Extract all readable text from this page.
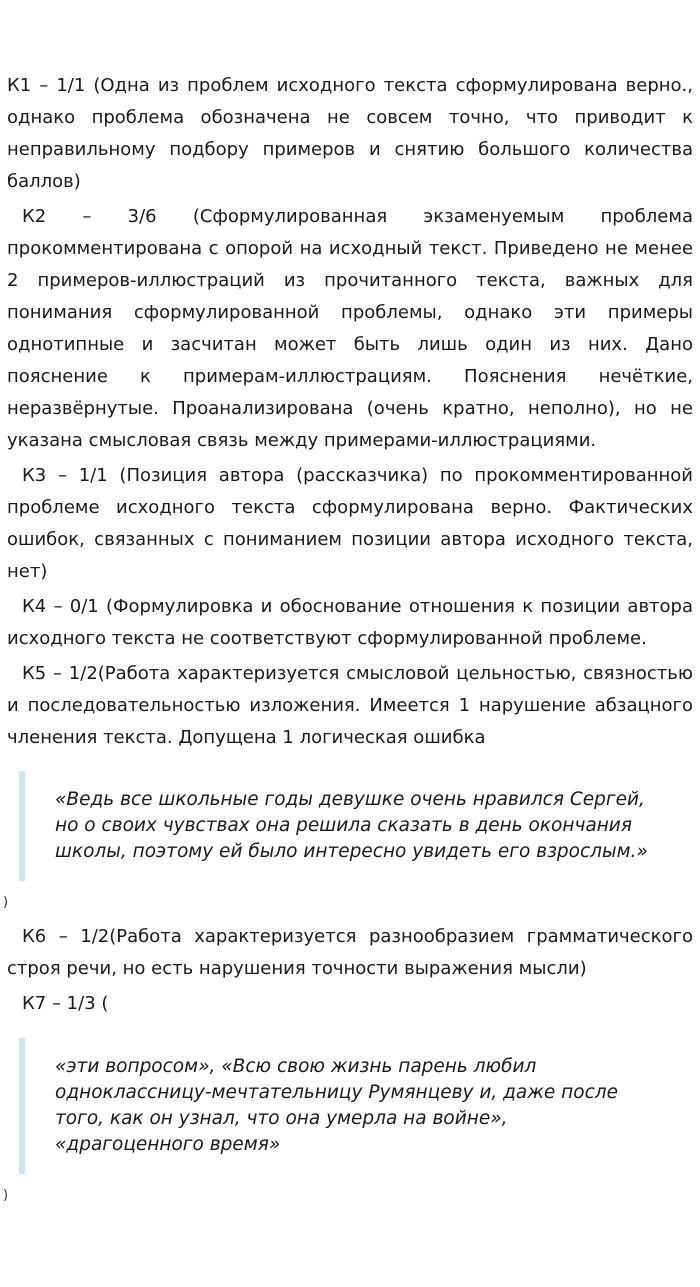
К1 – 1/1 (Одна из проблем исходного текста сформулирована верно., однако проблема обозначена не совсем точно, что приводит к неправильному подбору примеров и снятию большого количества баллов)

К2 – 3/6 (Сформулированная экзаменуемым проблема прокомментирована с опорой на исходный текст. Приведено не менее 2 примеров-иллюстраций из прочитанного текста, важных для понимания сформулированной проблемы, однако эти примеры однотипные и засчитан может быть лишь один из них. Дано пояснение к примерам-иллюстрациям. Пояснения нечёткие, неразвёрнутые. Проанализирована (очень кратно, неполно), но не указана смысловая связь между примерами-иллюстрациями.

К3 – 1/1 (Позиция автора (рассказчика) по прокомментированной проблеме исходного текста сформулирована верно. Фактических ошибок, связанных с пониманием позиции автора исходного текста, нет)

К4 – 0/1 (Формулировка и обоснование отношения к позиции автора исходного текста не соответствуют сформулированной проблеме.

К5 – 1/2(Работа характеризуется смысловой цельностью, связностью и последовательностью изложения. Имеется 1 нарушение абзацного членения текста. Допущена 1 логическая ошибка

«Ведь все школьные годы девушке очень нравился Сергей, но о своих чувствах она решила сказать в день окончания школы, поэтому ей было интересно увидеть его взрослым.»
)

К6 – 1/2(Работа характеризуется разнообразием грамматического строя речи, но есть нарушения точности выражения мысли)

К7 – 1/3 (

«эти вопросом», «Всю свою жизнь парень любил одноклассницу-мечтательницу Румянцеву и, даже после того, как он узнал, что она умерла на войне», «драгоценного время»
)
